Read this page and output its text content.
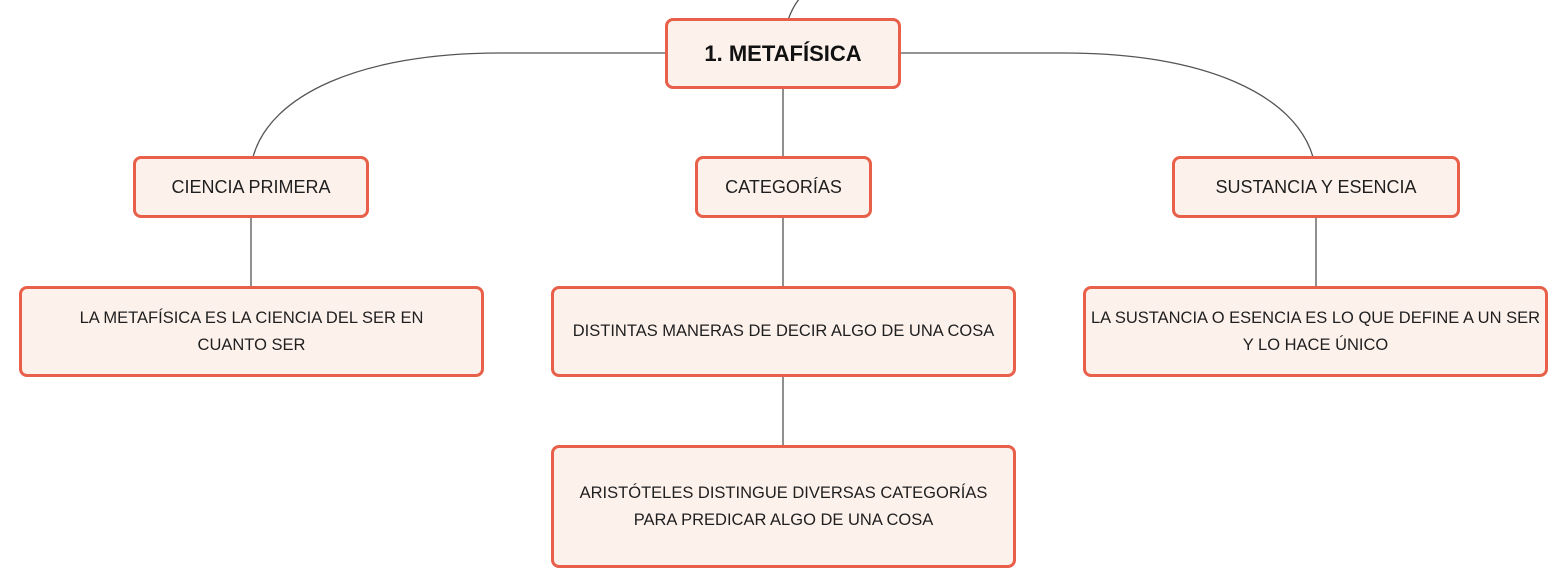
1. METAFÍSICA
CIENCIA PRIMERA	CATEGORÍAS	SUSTANCIA Y ESENCIA
LA METAFÍSICA ES LA CIENCIA DEL SER EN CUANTO SER
DISTINTAS MANERAS DE DECIR ALGO DE UNA COSA
ARISTÓTELES DISTINGUE DIVERSAS CATEGORÍAS PARA PREDICAR ALGO DE UNA COSA
LA SUSTANCIA O ESENCIA ES LO QUE DEFINE A UN SER Y LO HACE ÚNICO
